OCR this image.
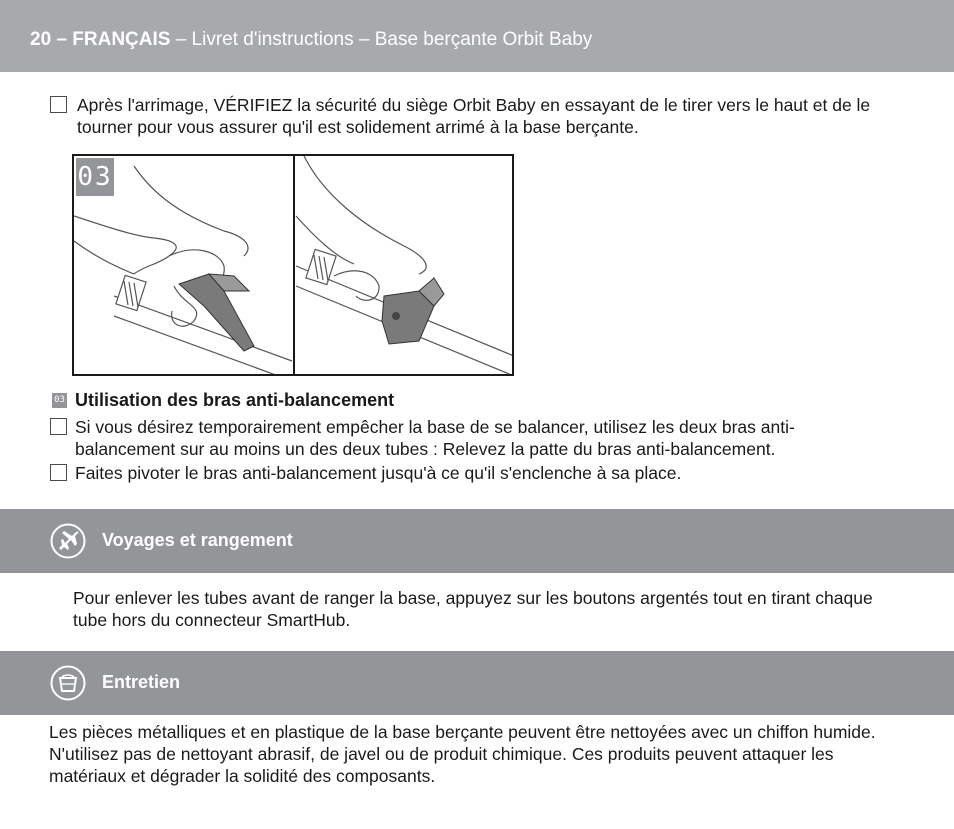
20 – FRANÇAIS – Livret d'instructions – Base berçante Orbit Baby
Après l'arrimage, VÉRIFIEZ la sécurité du siège Orbit Baby en essayant de le tirer vers le haut et de le tourner pour vous assurer qu'il est solidement arrimé à la base berçante.
03
03 Utilisation des bras anti-balancement
Si vous désirez temporairement empêcher la base de se balancer, utilisez les deux bras anti-balancement sur au moins un des deux tubes : Relevez la patte du bras anti-balancement.
Faites pivoter le bras anti-balancement jusqu'à ce qu'il s'enclenche à sa place.
Voyages et rangement
Pour enlever les tubes avant de ranger la base, appuyez sur les boutons argentés tout en tirant chaque tube hors du connecteur SmartHub.
Entretien
Les pièces métalliques et en plastique de la base berçante peuvent être nettoyées avec un chiffon humide. N'utilisez pas de nettoyant abrasif, de javel ou de produit chimique. Ces produits peuvent attaquer les matériaux et dégrader la solidité des composants.
